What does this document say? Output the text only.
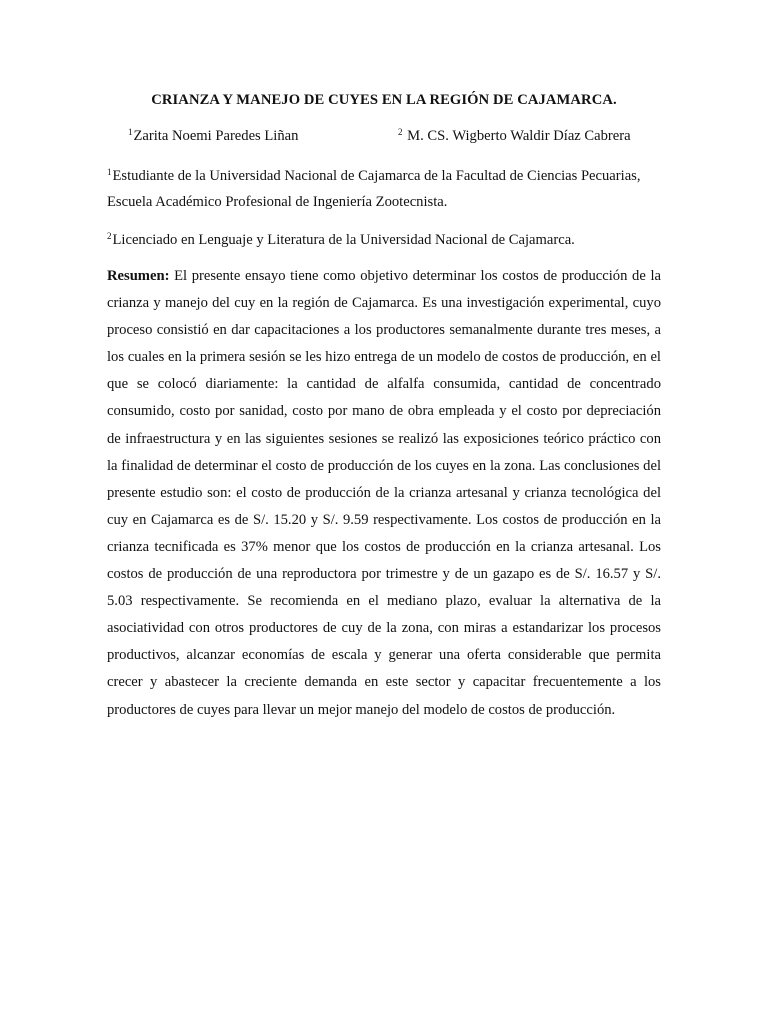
CRIANZA Y MANEJO DE CUYES EN LA REGIÓN DE CAJAMARCA.
$^1$Zarita Noemi Paredes Liñan	$^2$ M. CS. Wigberto Waldir Díaz Cabrera
$^1$Estudiante de la Universidad Nacional de Cajamarca de la Facultad de Ciencias Pecuarias, Escuela Académico Profesional de Ingeniería Zootecnista.
$^2$Licenciado en Lenguaje y Literatura de la Universidad Nacional de Cajamarca.

Resumen: El presente ensayo tiene como objetivo determinar los costos de producción de la crianza y manejo del cuy en la región de Cajamarca. Es una investigación experimental, cuyo proceso consistió en dar capacitaciones a los productores semanalmente durante tres meses, a los cuales en la primera sesión se les hizo entrega de un modelo de costos de producción, en el que se colocó diariamente: la cantidad de alfalfa consumida, cantidad de concentrado consumido, costo por sanidad, costo por mano de obra empleada y el costo por depreciación de infraestructura y en las siguientes sesiones se realizó las exposiciones teórico práctico con la finalidad de determinar el costo de producción de los cuyes en la zona. Las conclusiones del presente estudio son: el costo de producción de la crianza artesanal y crianza tecnológica del cuy en Cajamarca es de S/. 15.20 y S/. 9.59 respectivamente. Los costos de producción en la crianza tecnificada es 37% menor que los costos de producción en la crianza artesanal. Los costos de producción de una reproductora por trimestre y de un gazapo es de S/. 16.57 y S/. 5.03 respectivamente. Se recomienda en el mediano plazo, evaluar la alternativa de la asociatividad con otros productores de cuy de la zona, con miras a estandarizar los procesos productivos, alcanzar economías de escala y generar una oferta considerable que permita crecer y abastecer la creciente demanda en este sector y capacitar frecuentemente a los productores de cuyes para llevar un mejor manejo del modelo de costos de producción.
